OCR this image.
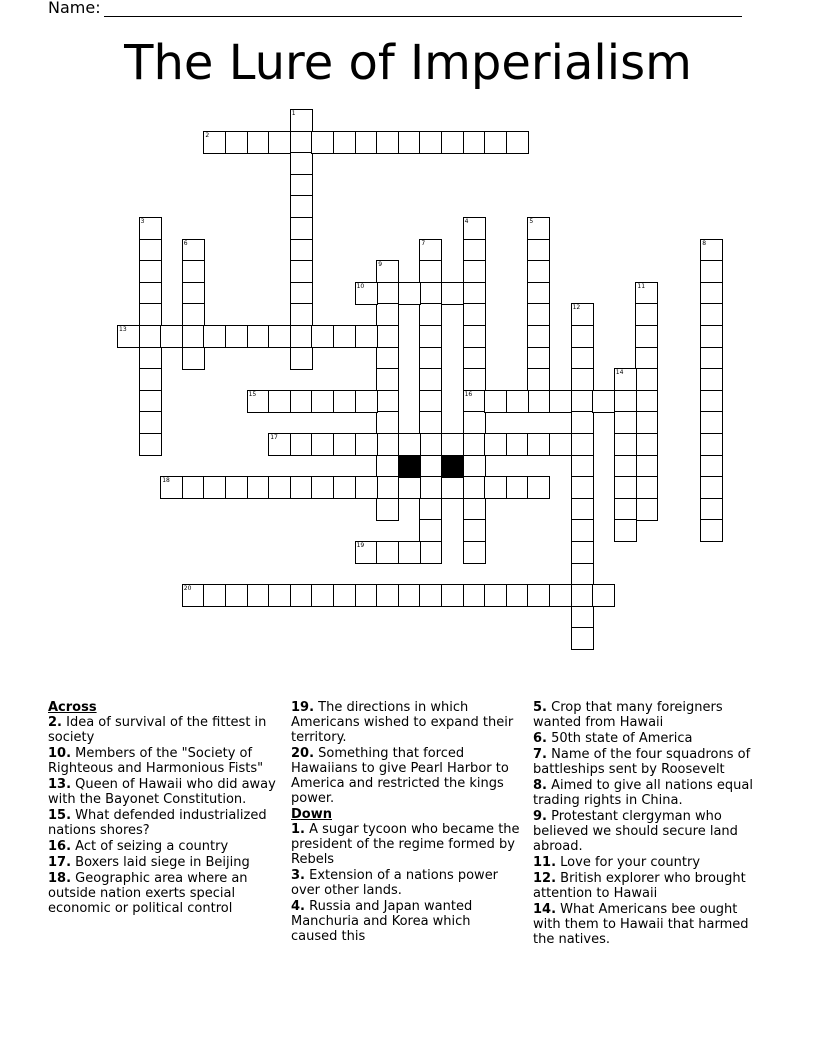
Name:
The Lure of Imperialism
1
2
3	4
16
5
6	7	8
9
10	11
12
13
14
15
17
18
19
20
Across
2. Idea of survival of the fittest in society
10. Members of the "Society of Righteous and Harmonious Fists"
13. Queen of Hawaii who did away with the Bayonet Constitution.
15. What defended industrialized nations shores?
16. Act of seizing a country
17. Boxers laid siege in Beijing
18. Geographic area where an outside nation exerts special economic or political control
19. The directions in which Americans wished to expand their territory.
20. Something that forced Hawaiians to give Pearl Harbor to America and restricted the kings power.
Down
1. A sugar tycoon who became the president of the regime formed by Rebels
3. Extension of a nations power over other lands.
4. Russia and Japan wanted Manchuria and Korea which caused this
5. Crop that many foreigners wanted from Hawaii
6. 50th state of America
7. Name of the four squadrons of battleships sent by Roosevelt
8. Aimed to give all nations equal trading rights in China.
9. Protestant clergyman who believed we should secure land abroad.
11. Love for your country
12. British explorer who brought attention to Hawaii
14. What Americans bee ought with them to Hawaii that harmed the natives.
